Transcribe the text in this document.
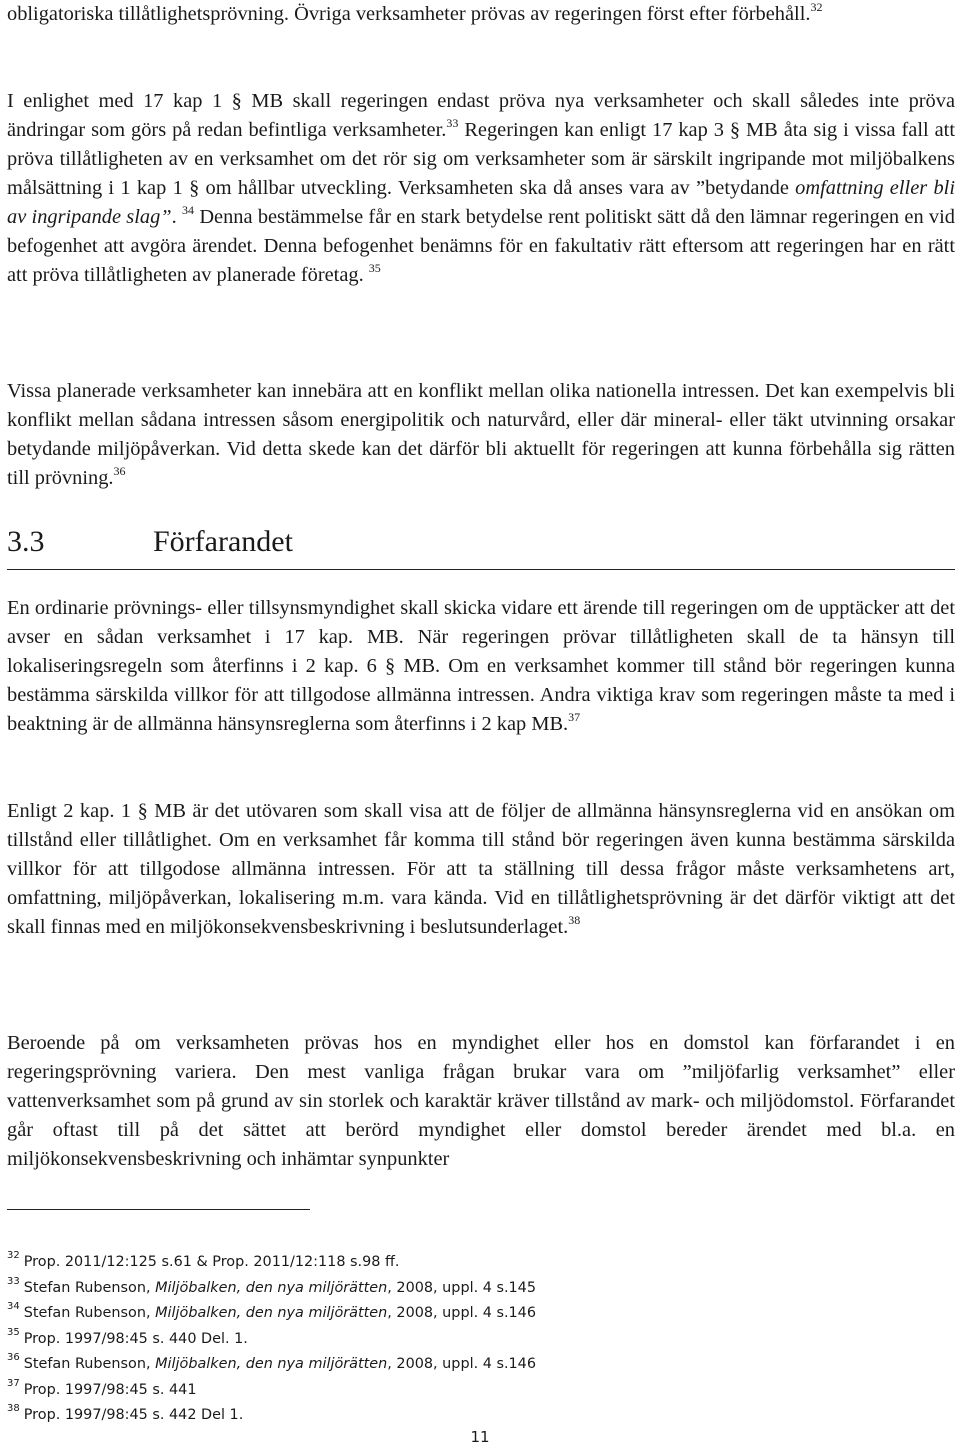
obligatoriska tillåtlighetsprövning. Övriga verksamheter prövas av regeringen först efter förbehåll.$^{32}$

I enlighet med 17 kap 1 § MB skall regeringen endast pröva nya verksamheter och skall således inte pröva ändringar som görs på redan befintliga verksamheter.$^{33}$ Regeringen kan enligt 17 kap 3 § MB åta sig i vissa fall att pröva tillåtligheten av en verksamhet om det rör sig om verksamheter som är särskilt ingripande mot miljöbalkens målsättning i 1 kap 1 § om hållbar utveckling. Verksamheten ska då anses vara av ”betydande omfattning eller bli av ingripande slag”. $^{34}$ Denna bestämmelse får en stark betydelse rent politiskt sätt då den lämnar regeringen en vid befogenhet att avgöra ärendet. Denna befogenhet benämns för en fakultativ rätt eftersom att regeringen har en rätt att pröva tillåtligheten av planerade företag. $^{35}$

Vissa planerade verksamheter kan innebära att en konflikt mellan olika nationella intressen. Det kan exempelvis bli konflikt mellan sådana intressen såsom energipolitik och naturvård, eller där mineral- eller täkt utvinning orsakar betydande miljöpåverkan. Vid detta skede kan det därför bli aktuellt för regeringen att kunna förbehålla sig rätten till prövning.$^{36}$

3.3	Förfarandet

En ordinarie prövnings- eller tillsynsmyndighet skall skicka vidare ett ärende till regeringen om de upptäcker att det avser en sådan verksamhet i 17 kap. MB. När regeringen prövar tillåtligheten skall de ta hänsyn till lokaliseringsregeln som återfinns i 2 kap. 6 § MB. Om en verksamhet kommer till stånd bör regeringen kunna bestämma särskilda villkor för att tillgodose allmänna intressen. Andra viktiga krav som regeringen måste ta med i beaktning är de allmänna hänsynsreglerna som återfinns i 2 kap MB.$^{37}$

Enligt 2 kap. 1 § MB är det utövaren som skall visa att de följer de allmänna hänsynsreglerna vid en ansökan om tillstånd eller tillåtlighet. Om en verksamhet får komma till stånd bör regeringen även kunna bestämma särskilda villkor för att tillgodose allmänna intressen. För att ta ställning till dessa frågor måste verksamhetens art, omfattning, miljöpåverkan, lokalisering m.m. vara kända. Vid en tillåtlighetsprövning är det därför viktigt att det skall finnas med en miljökonsekvensbeskrivning i beslutsunderlaget.$^{38}$

Beroende på om verksamheten prövas hos en myndighet eller hos en domstol kan förfarandet i en regeringsprövning variera. Den mest vanliga frågan brukar vara om ”miljöfarlig verksamhet” eller vattenverksamhet som på grund av sin storlek och karaktär kräver tillstånd av mark- och miljödomstol. Förfarandet går oftast till på det sättet att berörd myndighet eller domstol bereder ärendet med bl.a. en miljökonsekvensbeskrivning och inhämtar synpunkter

$^{32}$ Prop. 2011/12:125 s.61 & Prop. 2011/12:118 s.98 ff.
$^{33}$ Stefan Rubenson, Miljöbalken, den nya miljörätten, 2008, uppl. 4 s.145
$^{34}$ Stefan Rubenson, Miljöbalken, den nya miljörätten, 2008, uppl. 4 s.146
$^{35}$ Prop. 1997/98:45 s. 440 Del. 1.
$^{36}$ Stefan Rubenson, Miljöbalken, den nya miljörätten, 2008, uppl. 4 s.146
$^{37}$ Prop. 1997/98:45 s. 441
$^{38}$ Prop. 1997/98:45 s. 442 Del 1.
11
